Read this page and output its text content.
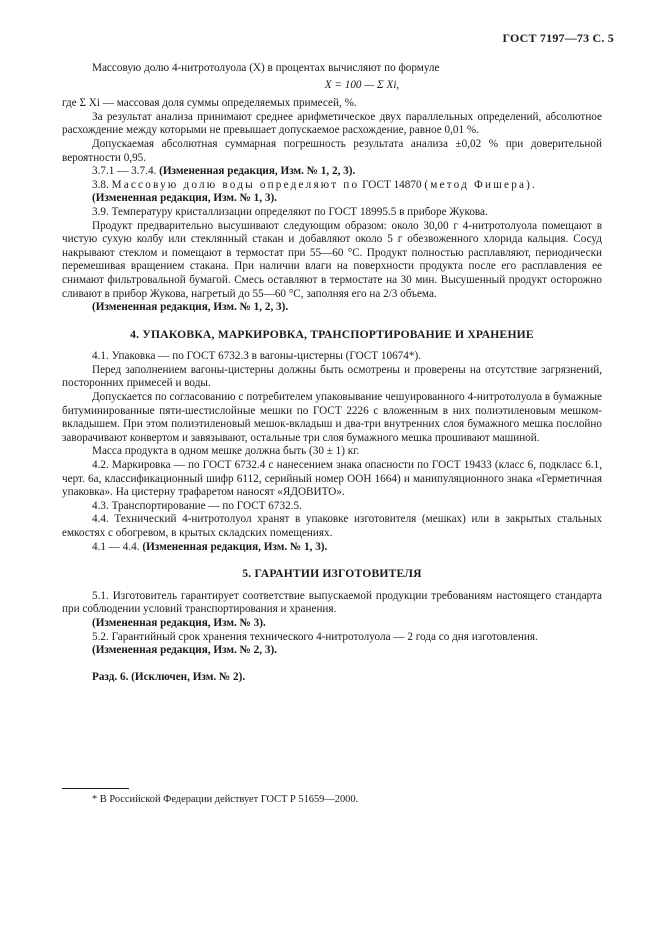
ГОСТ 7197—73 С. 5

Массовую долю 4-нитротолуола (X) в процентах вычисляют по формуле

X = 100 — Σ Xi,

где Σ Xi — массовая доля суммы определяемых примесей, %.

За результат анализа принимают среднее арифметическое двух параллельных определений, абсолютное расхождение между которыми не превышает допускаемое расхождение, равное 0,01 %.

Допускаемая абсолютная суммарная погрешность результата анализа ±0,02 % при доверительной вероятности 0,95.

3.7.1 — 3.7.4. (Измененная редакция, Изм. № 1, 2, 3).

3.8. Массовую долю воды определяют по ГОСТ 14870 (метод Фишера).

(Измененная редакция, Изм. № 1, 3).

3.9. Температуру кристаллизации определяют по ГОСТ 18995.5 в приборе Жукова.

Продукт предварительно высушивают следующим образом: около 30,00 г 4-нитротолуола помещают в чистую сухую колбу или стеклянный стакан и добавляют около 5 г обезвоженного хлорида кальция. Сосуд накрывают стеклом и помещают в термостат при 55—60 °С. Продукт полностью расплавляют, периодически перемешивая вращением стакана. При наличии влаги на поверхности продукта после его расплавления ее снимают фильтровальной бумагой. Смесь оставляют в термостате на 30 мин. Высушенный продукт осторожно сливают в прибор Жукова, нагретый до 55—60 °С, заполняя его на 2/3 объема.

(Измененная редакция, Изм. № 1, 2, 3).

4. УПАКОВКА, МАРКИРОВКА, ТРАНСПОРТИРОВАНИЕ И ХРАНЕНИЕ

4.1. Упаковка — по ГОСТ 6732.3 в вагоны-цистерны (ГОСТ 10674*).

Перед заполнением вагоны-цистерны должны быть осмотрены и проверены на отсутствие загрязнений, посторонних примесей и воды.

Допускается по согласованию с потребителем упаковывание чешуированного 4-нитротолуола в бумажные битуминированные пяти-шестислойные мешки по ГОСТ 2226 с вложенным в них полиэтиленовым мешком-вкладышем. При этом полиэтиленовый мешок-вкладыш и два-три внутренних слоя бумажного мешка послойно заворачивают конвертом и завязывают, остальные три слоя бумажного мешка прошивают машиной.

Масса продукта в одном мешке должна быть (30 ± 1) кг.

4.2. Маркировка — по ГОСТ 6732.4 с нанесением знака опасности по ГОСТ 19433 (класс 6, подкласс 6.1, черт. 6а, классификационный шифр 6112, серийный номер ООН 1664) и манипуляционного знака «Герметичная упаковка». На цистерну трафаретом наносят «ЯДОВИТО».

4.3. Транспортирование — по ГОСТ 6732.5.

4.4. Технический 4-нитротолуол хранят в упаковке изготовителя (мешках) или в закрытых стальных емкостях с обогревом, в крытых складских помещениях.

4.1 — 4.4. (Измененная редакция, Изм. № 1, 3).

5. ГАРАНТИИ ИЗГОТОВИТЕЛЯ

5.1. Изготовитель гарантирует соответствие выпускаемой продукции требованиям настоящего стандарта при соблюдении условий транспортирования и хранения.

(Измененная редакция, Изм. № 3).

5.2. Гарантийный срок хранения технического 4-нитротолуола — 2 года со дня изготовления.

(Измененная редакция, Изм. № 2, 3).

Разд. 6. (Исключен, Изм. № 2).

* В Российской Федерации действует ГОСТ Р 51659—2000.
